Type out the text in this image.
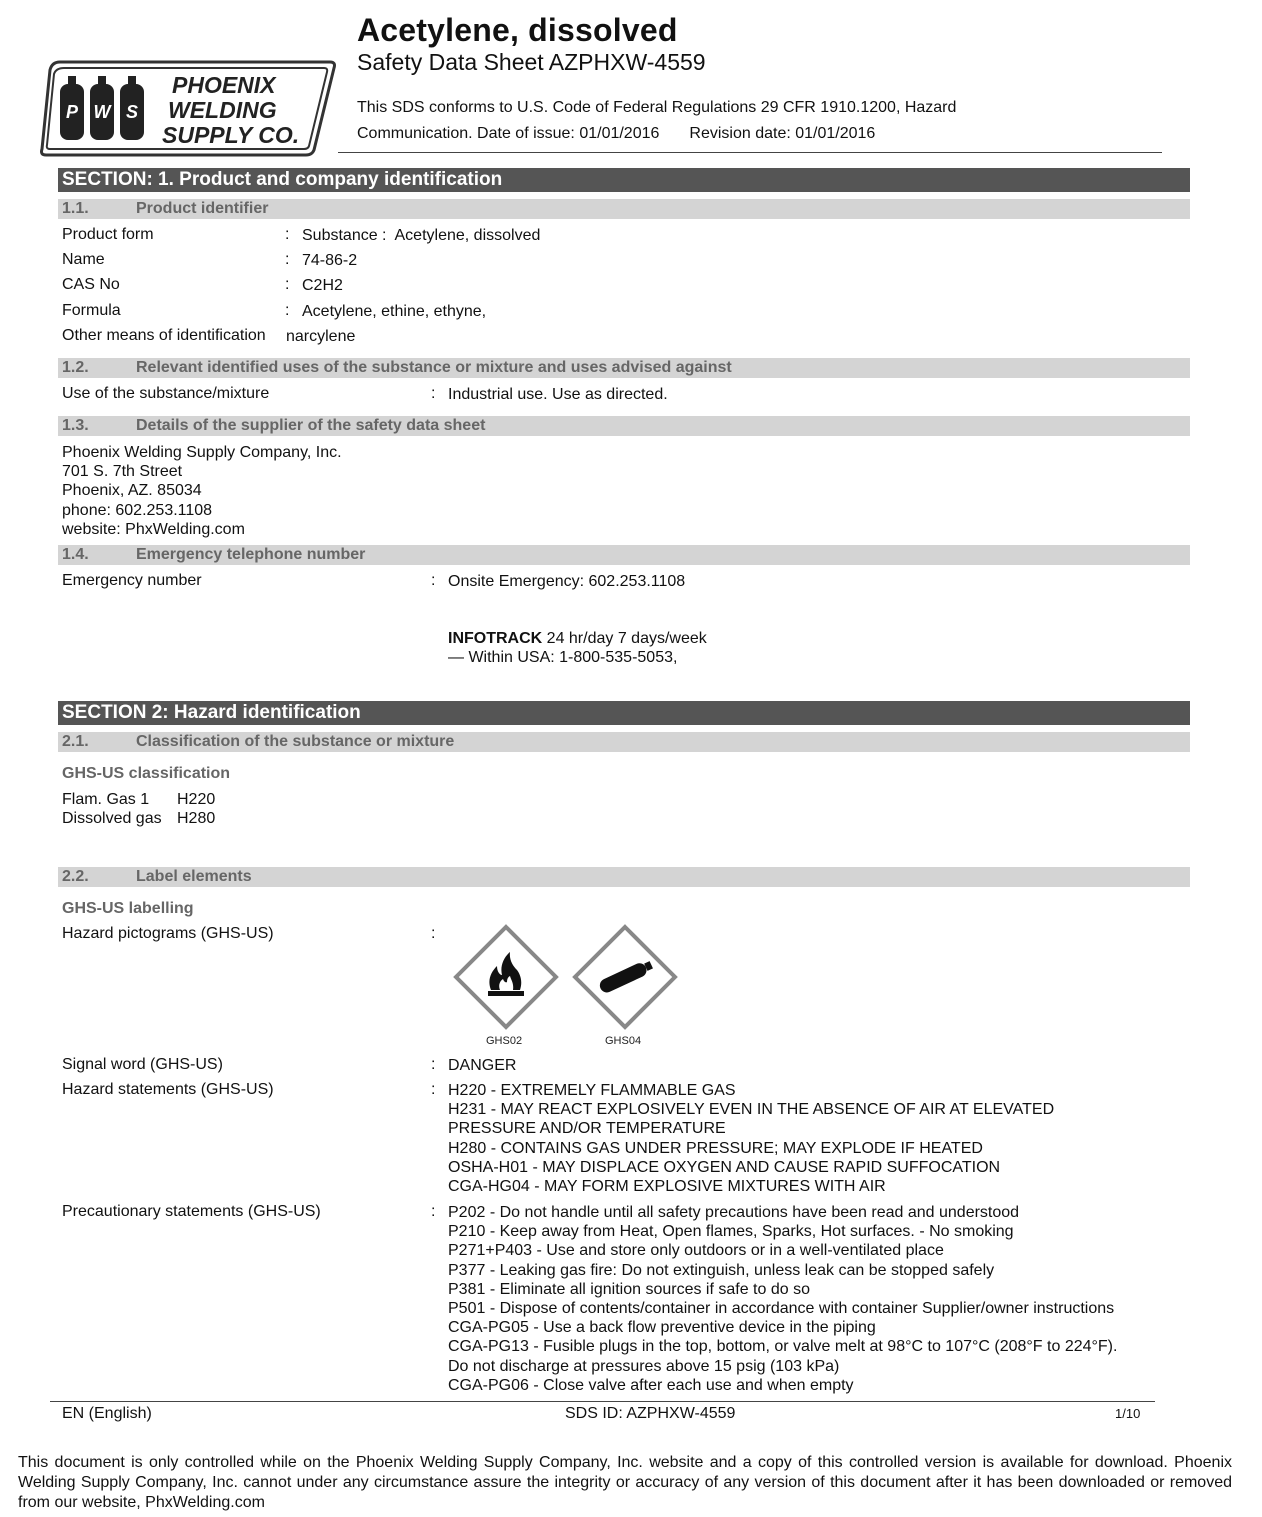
P W S
PHOENIX
WELDING
SUPPLY CO.
Acetylene, dissolved
Safety Data Sheet AZPHXW-4559
This SDS conforms to U.S. Code of Federal Regulations 29 CFR 1910.1200, Hazard
Communication. Date of issue: 01/01/2016 Revision date: 01/01/2016
SECTION: 1. Product and company identification
1.1.	Product identifier
Product form	: Substance :  Acetylene, dissolved
Name	: 74-86-2
CAS No	: C2H2
Formula	: Acetylene, ethine, ethyne,
Other means of identification narcylene
1.2.	Relevant identified uses of the substance or mixture and uses advised against
Use of the substance/mixture	: Industrial use. Use as directed.
1.3.	Details of the supplier of the safety data sheet
Phoenix Welding Supply Company, Inc.
701 S. 7th Street
Phoenix, AZ. 85034
phone: 602.253.1108
website: PhxWelding.com
1.4.	Emergency telephone number
Emergency number	: Onsite Emergency: 602.253.1108
INFOTRACK 24 hr/day 7 days/week
— Within USA: 1-800-535-5053,
SECTION 2: Hazard identification
2.1.	Classification of the substance or mixture
GHS-US classification
Flam. Gas 1 H220
Dissolved gas H280
2.2.	Label elements
GHS-US labelling
Hazard pictograms (GHS-US)	:
GHS02	GHS04
Signal word (GHS-US)	: DANGER
Hazard statements (GHS-US)	: H220 - EXTREMELY FLAMMABLE GAS
H231 - MAY REACT EXPLOSIVELY EVEN IN THE ABSENCE OF AIR AT ELEVATED
PRESSURE AND/OR TEMPERATURE
H280 - CONTAINS GAS UNDER PRESSURE; MAY EXPLODE IF HEATED
OSHA-H01 - MAY DISPLACE OXYGEN AND CAUSE RAPID SUFFOCATION
CGA-HG04 - MAY FORM EXPLOSIVE MIXTURES WITH AIR
Precautionary statements (GHS-US)	: P202 - Do not handle until all safety precautions have been read and understood
P210 - Keep away from Heat, Open flames, Sparks, Hot surfaces. - No smoking
P271+P403 - Use and store only outdoors or in a well-ventilated place
P377 - Leaking gas fire: Do not extinguish, unless leak can be stopped safely
P381 - Eliminate all ignition sources if safe to do so
P501 - Dispose of contents/container in accordance with container Supplier/owner instructions
CGA-PG05 - Use a back flow preventive device in the piping
CGA-PG13 - Fusible plugs in the top, bottom, or valve melt at 98°C to 107°C (208°F to 224°F).
Do not discharge at pressures above 15 psig (103 kPa)
CGA-PG06 - Close valve after each use and when empty
EN (English)	SDS ID: AZPHXW-4559	1/10
This document is only controlled while on the Phoenix Welding Supply Company, Inc. website and a copy of this controlled version is available for download. Phoenix Welding Supply Company, Inc. cannot under any circumstance assure the integrity or accuracy of any version of this document after it has been downloaded or removed from our website, PhxWelding.com
